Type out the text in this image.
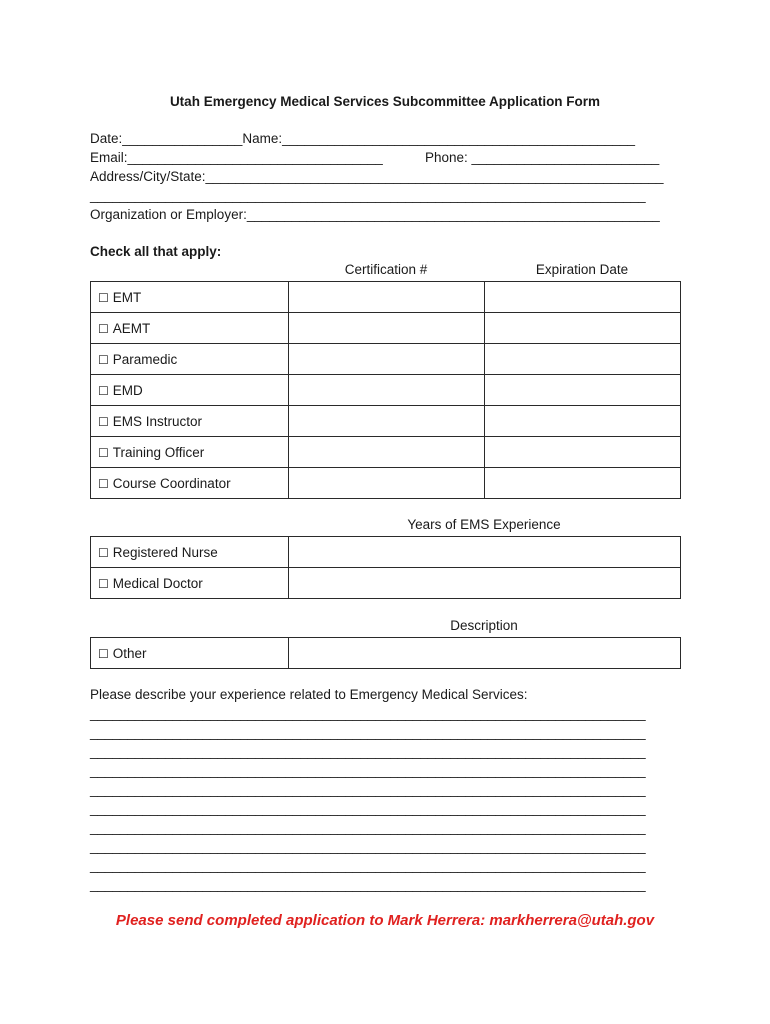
Utah Emergency Medical Services Subcommittee Application Form
Date:________________Name:_______________________________________________
Email:__________________________________	Phone: _________________________
Address/City/State:_____________________________________________________________
__________________________________________________________________________
Organization or Employer:_______________________________________________________
Check all that apply:
Certification #	Expiration Date
☐ EMT		
☐ AEMT		
☐ Paramedic		
☐ EMD		
☐ EMS Instructor		
☐ Training Officer		
☐ Course Coordinator		
Years of EMS Experience
☐ Registered Nurse	
☐ Medical Doctor	
Description
☐ Other	
Please describe your experience related to Emergency Medical Services:
__________________________________________________________________________
__________________________________________________________________________
__________________________________________________________________________
__________________________________________________________________________
__________________________________________________________________________
__________________________________________________________________________
__________________________________________________________________________
__________________________________________________________________________
__________________________________________________________________________
__________________________________________________________________________
Please send completed application to Mark Herrera: markherrera@utah.gov
